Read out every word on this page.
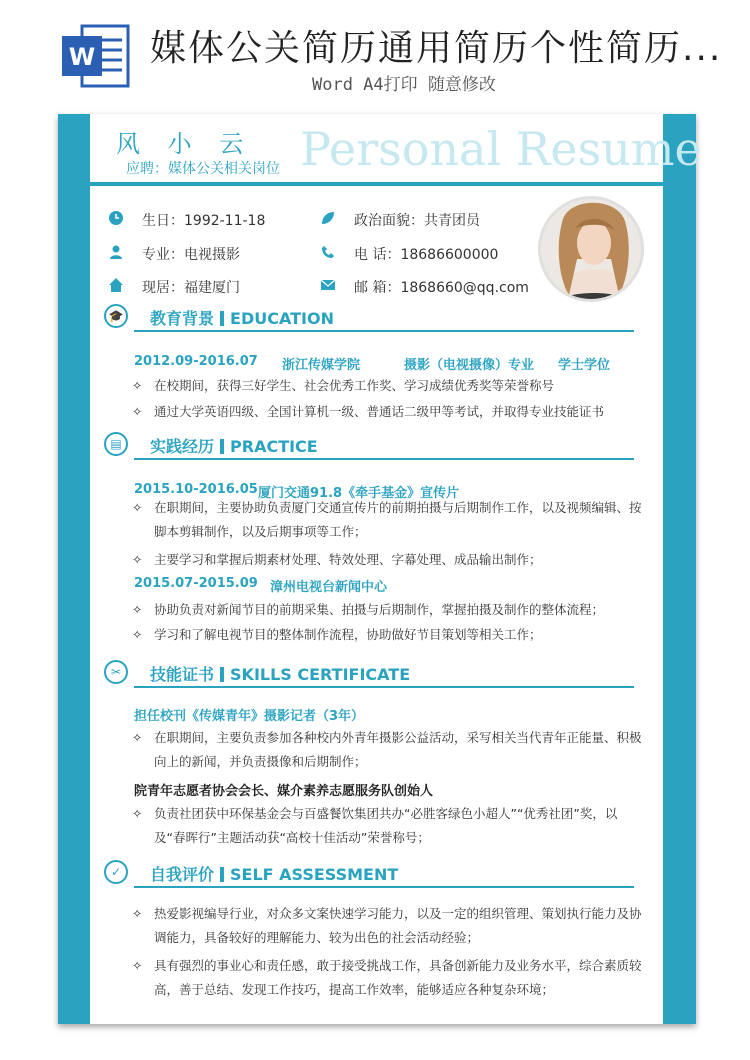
W 媒体公关简历通用简历个性简历...
Word A4打印 随意修改
Personal Resume
风 小 云
应聘：媒体公关相关岗位
生日：1992-11-18	政治面貌：共青团员
专业：电视摄影	电 话：18686600000
现居：福建厦门	邮 箱：1868660@qq.com
🎓 教育背景 EDUCATION
2012.09-2016.07 浙江传媒学院	摄影（电视摄像）专业 学士学位
✧ 在校期间，获得三好学生、社会优秀工作奖、学习成绩优秀奖等荣誉称号
✧ 通过大学英语四级、全国计算机一级、普通话二级甲等考试，并取得专业技能证书
▤	实践经历 PRACTICE
2015.10-2016.05 厦门交通91.8《牵手基金》宣传片
✧ 在职期间，主要协助负责厦门交通宣传片的前期拍摄与后期制作工作，以及视频编辑、按脚本剪辑制作，以及后期事项等工作；
✧ 主要学习和掌握后期素材处理、特效处理、字幕处理、成品输出制作；
2015.07-2015.09 漳州电视台新闻中心
✧ 协助负责对新闻节目的前期采集、拍摄与后期制作，掌握拍摄及制作的整体流程；
✧ 学习和了解电视节目的整体制作流程，协助做好节目策划等相关工作；
✂	技能证书 SKILLS CERTIFICATE
担任校刊《传媒青年》摄影记者（3年）
✧ 在职期间，主要负责参加各种校内外青年摄影公益活动，采写相关当代青年正能量、积极向上的新闻，并负责摄像和后期制作；
院青年志愿者协会会长、媒介素养志愿服务队创始人
✧ 负责社团获中环保基金会与百盛餐饮集团共办“必胜客绿色小超人”“优秀社团”奖，以及“春晖行”主题活动获“高校十佳活动”荣誉称号；
✓	自我评价 SELF ASSESSMENT
✧ 热爱影视编导行业，对众多文案快速学习能力，以及一定的组织管理、策划执行能力及协调能力，具备较好的理解能力、较为出色的社会活动经验；
✧ 具有强烈的事业心和责任感，敢于接受挑战工作，具备创新能力及业务水平，综合素质较高，善于总结、发现工作技巧，提高工作效率，能够适应各种复杂环境；
